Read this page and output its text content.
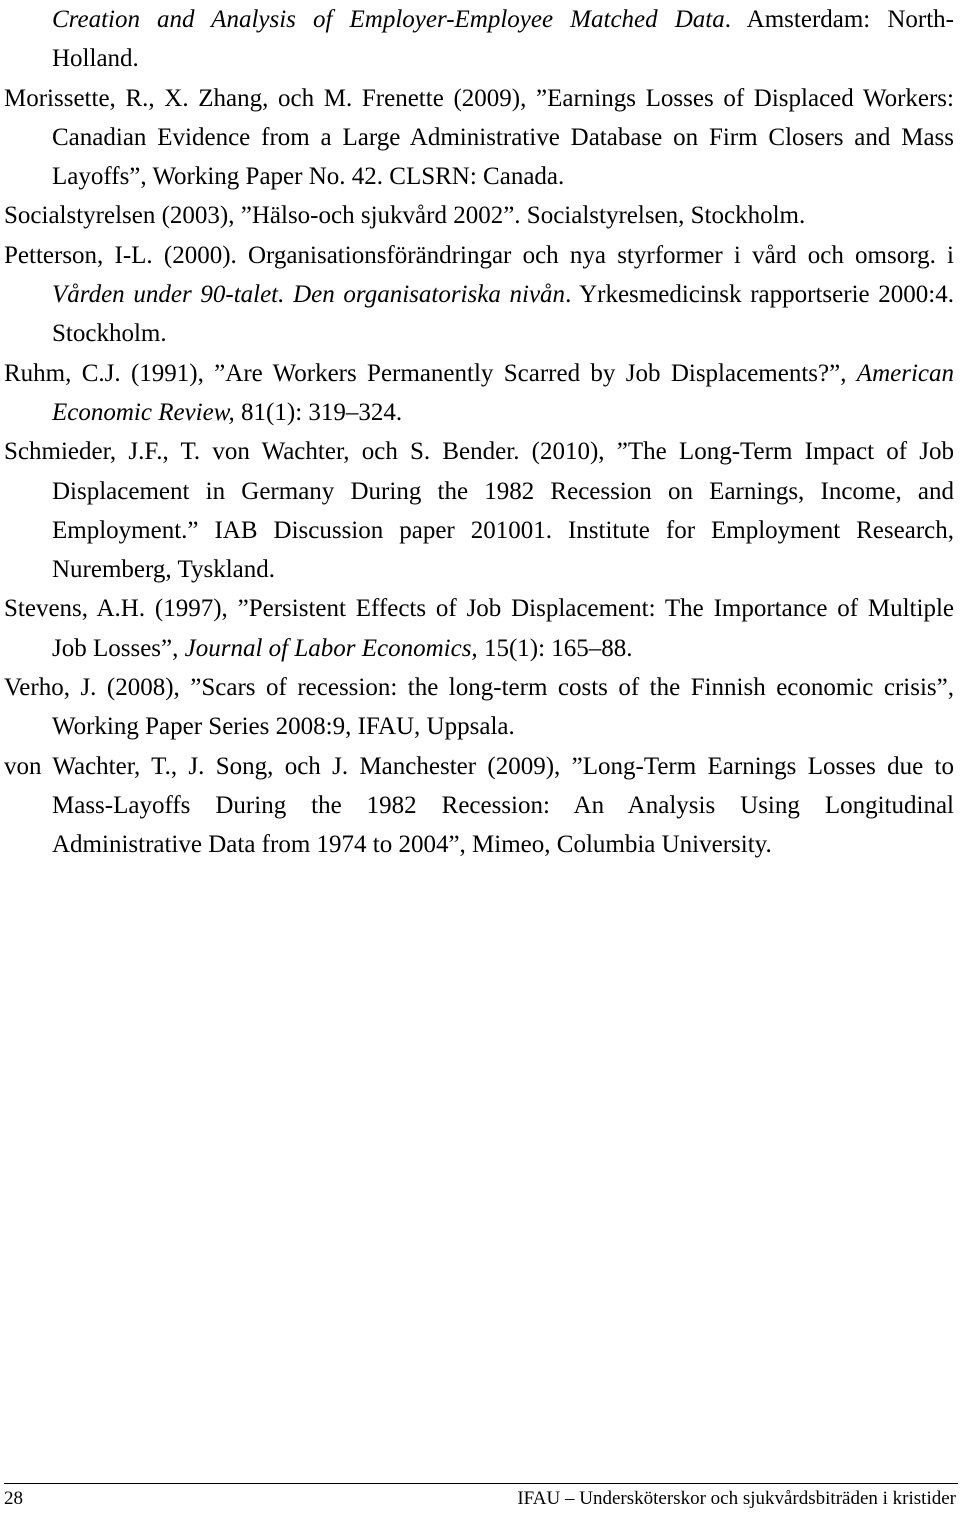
Creation and Analysis of Employer-Employee Matched Data. Amsterdam: North-Holland.

Morissette, R., X. Zhang, och M. Frenette (2009), ”Earnings Losses of Displaced Workers: Canadian Evidence from a Large Administrative Database on Firm Closers and Mass Layoffs”, Working Paper No. 42. CLSRN: Canada.

Socialstyrelsen (2003), ”Hälso-och sjukvård 2002”. Socialstyrelsen, Stockholm.

Petterson, I-L. (2000). Organisationsförändringar och nya styrformer i vård och omsorg. i Vården under 90-talet. Den organisatoriska nivån. Yrkesmedicinsk rapportserie 2000:4. Stockholm.

Ruhm, C.J. (1991), ”Are Workers Permanently Scarred by Job Displacements?”, American Economic Review, 81(1): 319–324.

Schmieder, J.F., T. von Wachter, och S. Bender. (2010), ”The Long-Term Impact of Job Displacement in Germany During the 1982 Recession on Earnings, Income, and Employment.” IAB Discussion paper 201001. Institute for Employment Research, Nuremberg, Tyskland.

Stevens, A.H. (1997), ”Persistent Effects of Job Displacement: The Importance of Multiple Job Losses”, Journal of Labor Economics, 15(1): 165–88.

Verho, J. (2008), ”Scars of recession: the long-term costs of the Finnish economic crisis”, Working Paper Series 2008:9, IFAU, Uppsala.

von Wachter, T., J. Song, och J. Manchester (2009), ”Long-Term Earnings Losses due to Mass-Layoffs During the 1982 Recession: An Analysis Using Longitudinal Administrative Data from 1974 to 2004”, Mimeo, Columbia University.

28	IFAU – Undersköterskor och sjukvårdsbiträden i kristider
